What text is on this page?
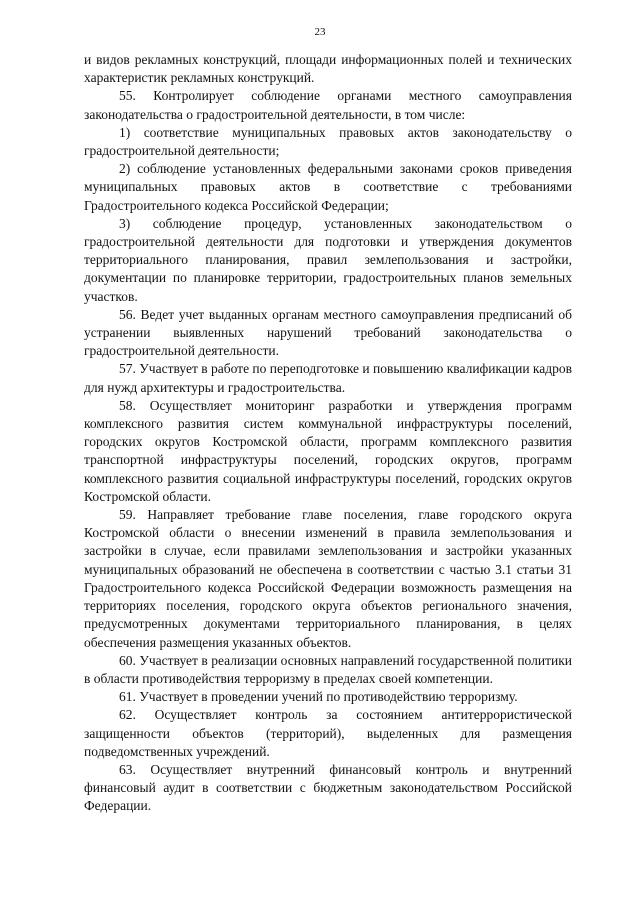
23

и видов рекламных конструкций, площади информационных полей и технических характеристик рекламных конструкций.

55. Контролирует соблюдение органами местного самоуправления законодательства о градостроительной деятельности, в том числе:

1) соответствие муниципальных правовых актов законодательству о градостроительной деятельности;

2) соблюдение установленных федеральными законами сроков приведения муниципальных правовых актов в соответствие с требованиями Градостроительного кодекса Российской Федерации;

3) соблюдение процедур, установленных законодательством о градостроительной деятельности для подготовки и утверждения документов территориального планирования, правил землепользования и застройки, документации по планировке территории, градостроительных планов земельных участков.

56. Ведет учет выданных органам местного самоуправления предписаний об устранении выявленных нарушений требований законодательства о градостроительной деятельности.

57. Участвует в работе по переподготовке и повышению квалификации кадров для нужд архитектуры и градостроительства.

58. Осуществляет мониторинг разработки и утверждения программ комплексного развития систем коммунальной инфраструктуры поселений, городских округов Костромской области, программ комплексного развития транспортной инфраструктуры поселений, городских округов, программ комплексного развития социальной инфраструктуры поселений, городских округов Костромской области.

59. Направляет требование главе поселения, главе городского округа Костромской области о внесении изменений в правила землепользования и застройки в случае, если правилами землепользования и застройки указанных муниципальных образований не обеспечена в соответствии с частью 3.1 статьи 31 Градостроительного кодекса Российской Федерации возможность размещения на территориях поселения, городского округа объектов регионального значения, предусмотренных документами территориального планирования, в целях обеспечения размещения указанных объектов.

60. Участвует в реализации основных направлений государственной политики в области противодействия терроризму в пределах своей компетенции.

61. Участвует в проведении учений по противодействию терроризму.

62. Осуществляет контроль за состоянием антитеррористической защищенности объектов (территорий), выделенных для размещения подведомственных учреждений.

63. Осуществляет внутренний финансовый контроль и внутренний финансовый аудит в соответствии с бюджетным законодательством Российской Федерации.
